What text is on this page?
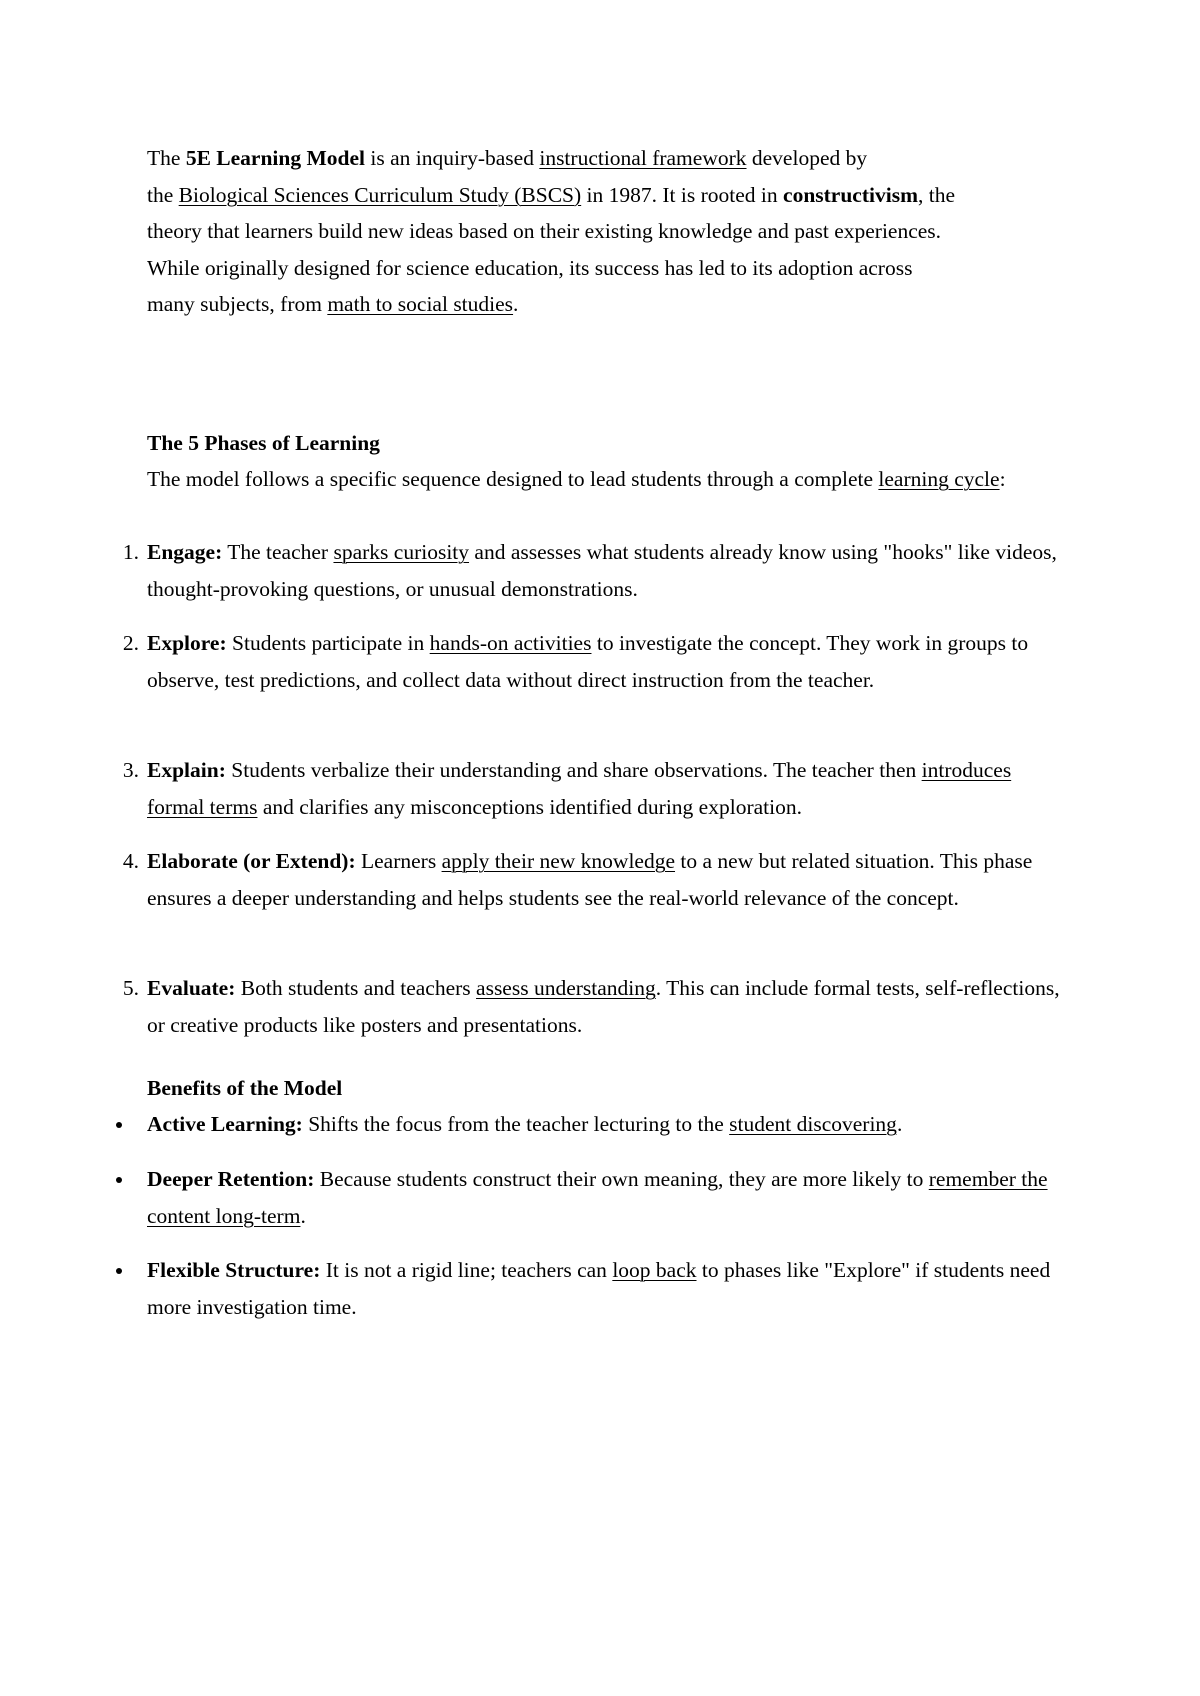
The 5E Learning Model is an inquiry-based instructional framework developed by
the Biological Sciences Curriculum Study (BSCS) in 1987. It is rooted in constructivism, the
theory that learners build new ideas based on their existing knowledge and past experiences.
While originally designed for science education, its success has led to its adoption across
many subjects, from math to social studies.
The 5 Phases of Learning
The model follows a specific sequence designed to lead students through a complete learning cycle:
1. Engage: The teacher sparks curiosity and assesses what students already know using "hooks" like videos, thought-provoking questions, or unusual demonstrations.
2. Explore: Students participate in hands-on activities to investigate the concept. They work in groups to observe, test predictions, and collect data without direct instruction from the teacher.
3. Explain: Students verbalize their understanding and share observations. The teacher then introduces formal terms and clarifies any misconceptions identified during exploration.
4. Elaborate (or Extend): Learners apply their new knowledge to a new but related situation. This phase ensures a deeper understanding and helps students see the real-world relevance of the concept.
5. Evaluate: Both students and teachers assess understanding. This can include formal tests, self-reflections, or creative products like posters and presentations.
Benefits of the Model
Active Learning: Shifts the focus from the teacher lecturing to the student discovering.
Deeper Retention: Because students construct their own meaning, they are more likely to remember the content long-term.
Flexible Structure: It is not a rigid line; teachers can loop back to phases like "Explore" if students need more investigation time.
